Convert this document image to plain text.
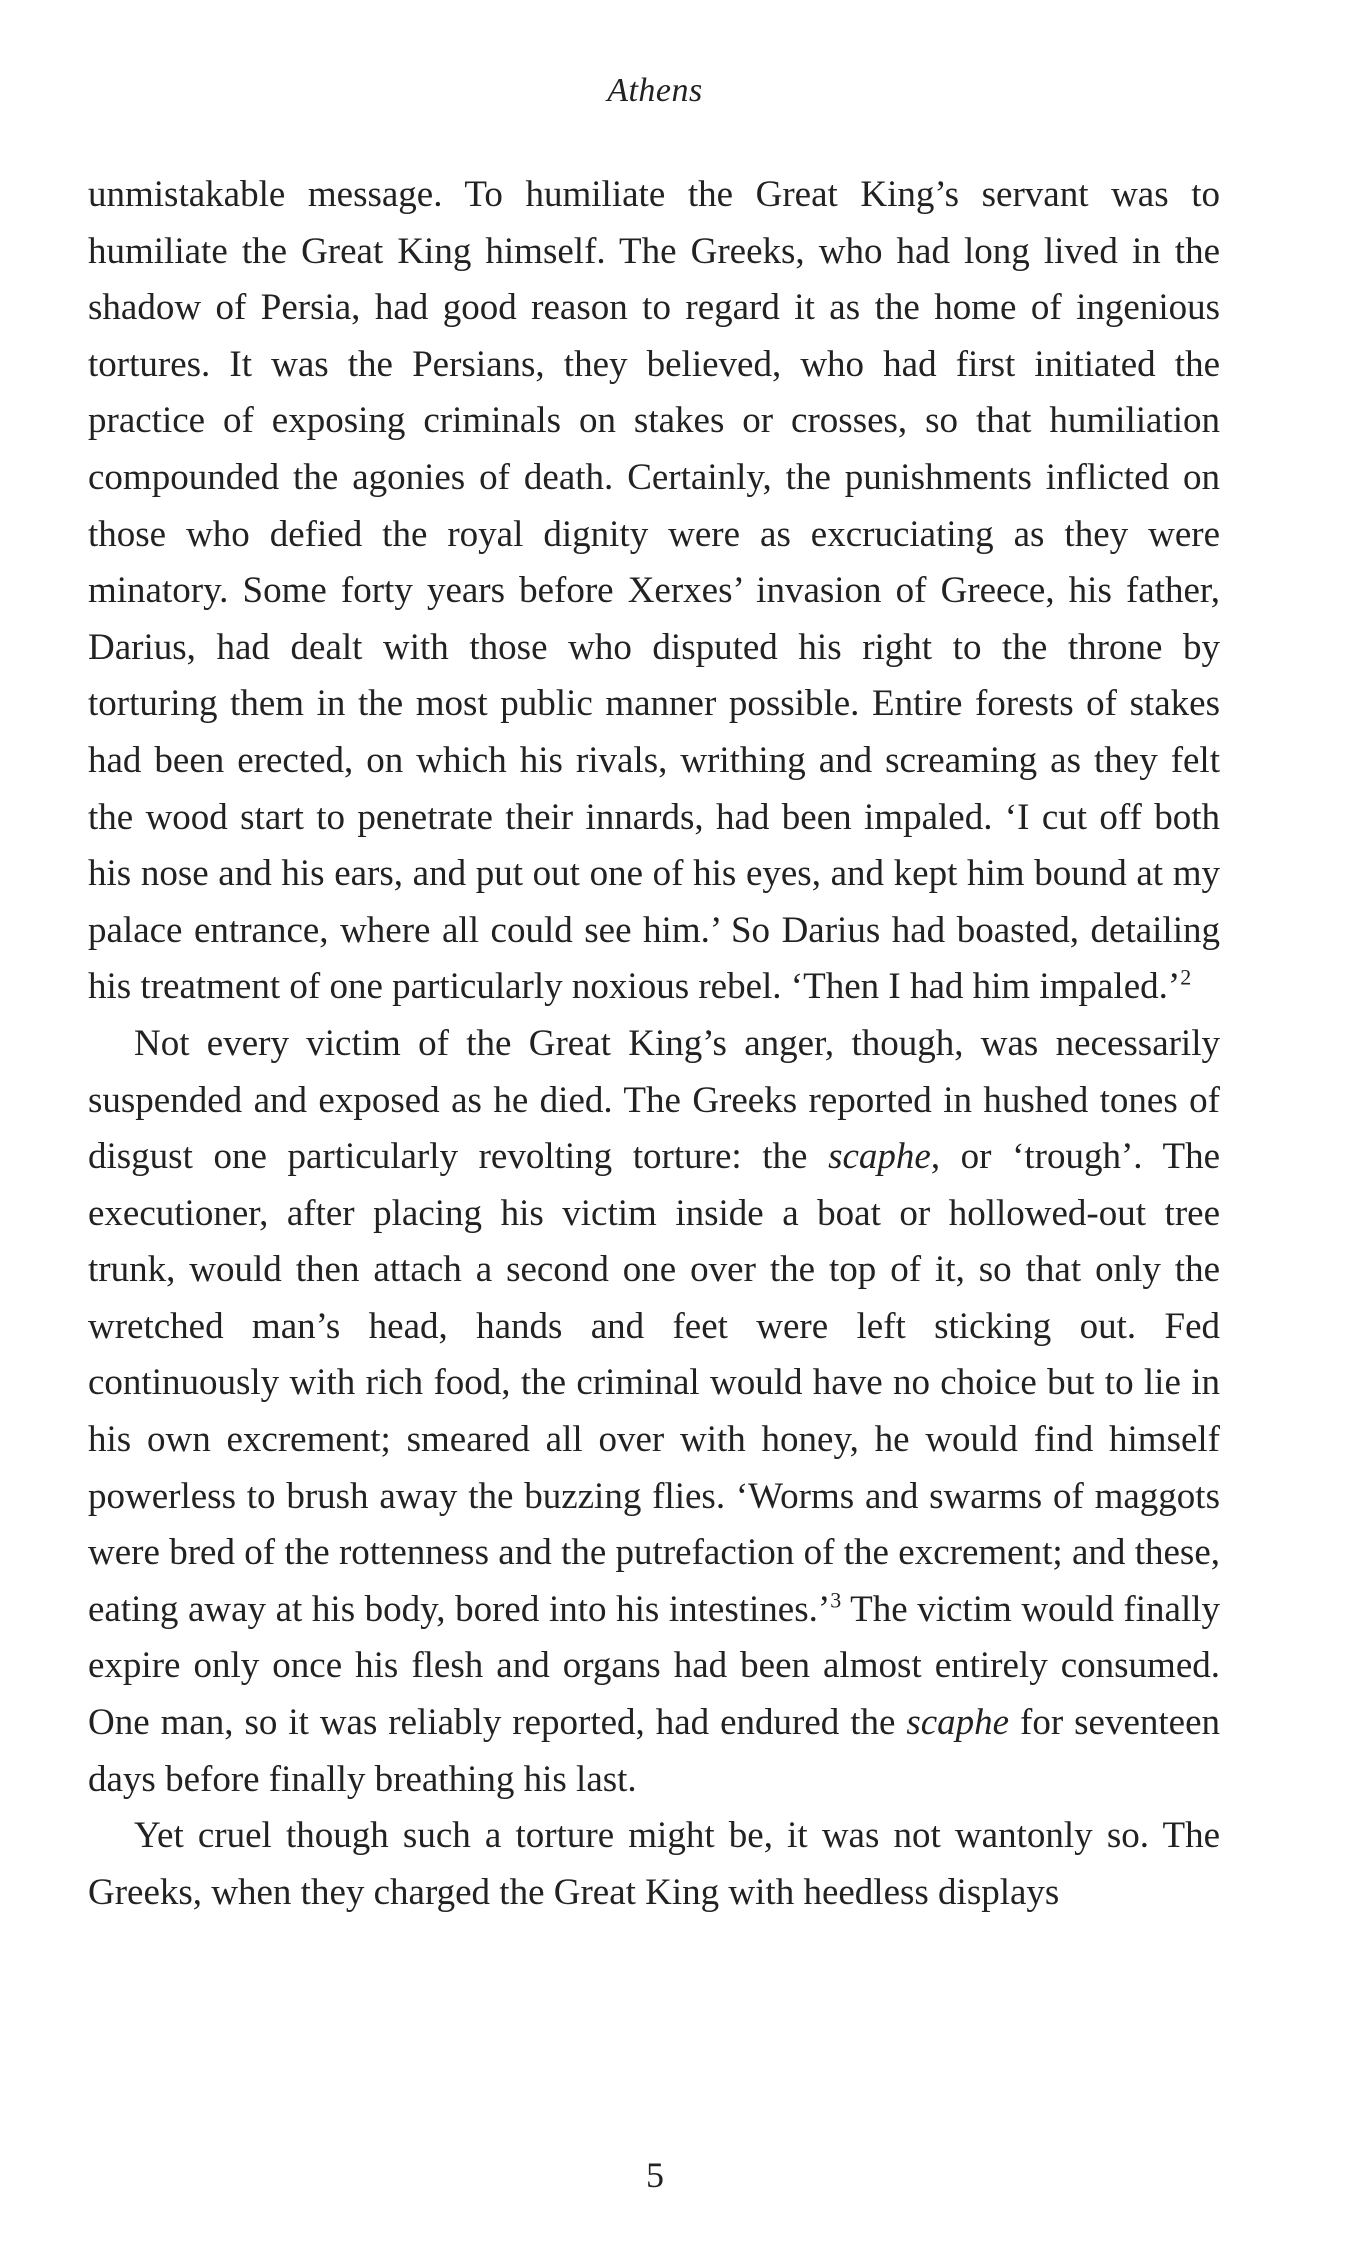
Athens

unmistakable message. To humiliate the Great King’s servant was to humiliate the Great King himself. The Greeks, who had long lived in the shadow of Persia, had good reason to regard it as the home of ingenious tortures. It was the Persians, they believed, who had first initiated the practice of exposing criminals on stakes or crosses, so that humiliation compounded the agonies of death. Certainly, the punishments inflicted on those who defied the royal dignity were as excruciating as they were minatory. Some forty years before Xerxes’ invasion of Greece, his father, Darius, had dealt with those who disputed his right to the throne by torturing them in the most public manner possible. Entire forests of stakes had been erected, on which his rivals, writhing and screaming as they felt the wood start to penetrate their innards, had been impaled. ‘I cut off both his nose and his ears, and put out one of his eyes, and kept him bound at my palace entrance, where all could see him.’ So Darius had boasted, detailing his treatment of one particularly noxious rebel. ‘Then I had him impaled.’$^2$

Not every victim of the Great King’s anger, though, was necessarily suspended and exposed as he died. The Greeks reported in hushed tones of disgust one particularly revolting torture: the scaphe, or ‘trough’. The executioner, after placing his victim inside a boat or hollowed-out tree trunk, would then attach a second one over the top of it, so that only the wretched man’s head, hands and feet were left sticking out. Fed continuously with rich food, the criminal would have no choice but to lie in his own excrement; smeared all over with honey, he would find himself powerless to brush away the buzzing flies. ‘Worms and swarms of maggots were bred of the rottenness and the putrefaction of the excrement; and these, eating away at his body, bored into his intestines.’$^3$ The victim would finally expire only once his flesh and organs had been almost entirely consumed. One man, so it was reliably reported, had endured the scaphe for seventeen days before finally breathing his last.

Yet cruel though such a torture might be, it was not wantonly so. The Greeks, when they charged the Great King with heedless displays

5
